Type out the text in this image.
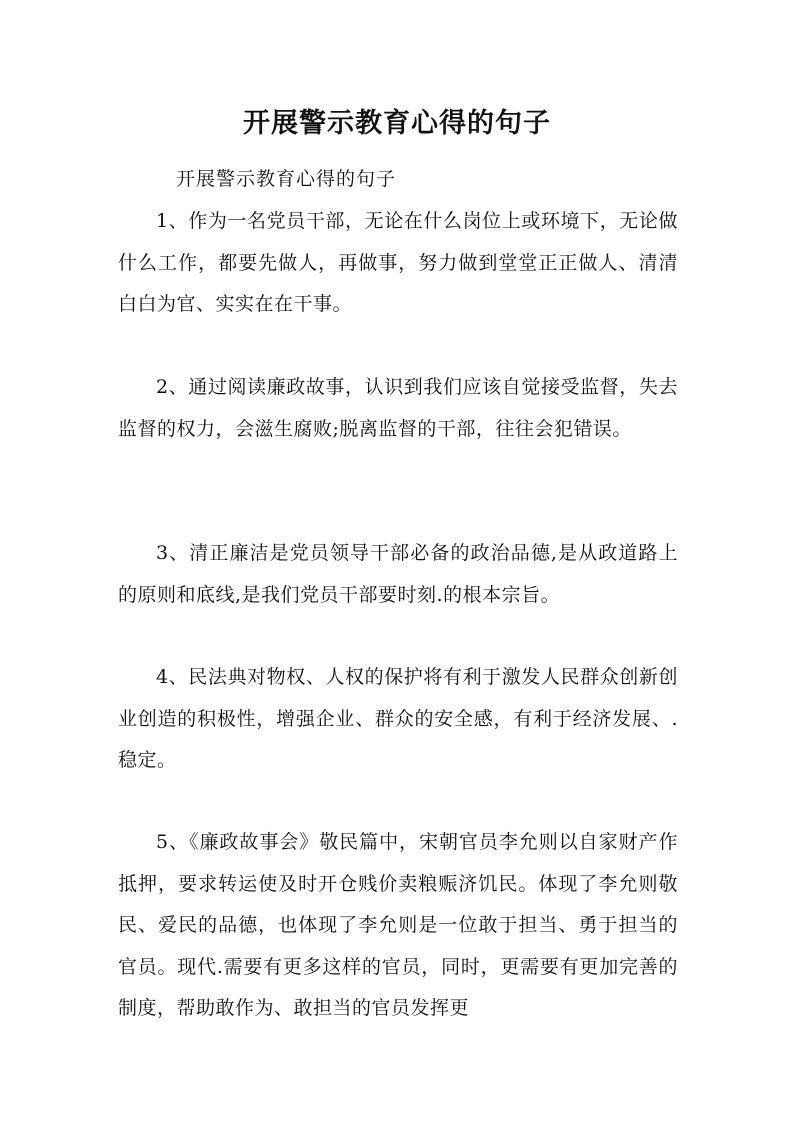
开展警示教育心得的句子
开展警示教育心得的句子

1、作为一名党员干部，无论在什么岗位上或环境下，无论做什么工作，都要先做人，再做事，努力做到堂堂正正做人、清清白白为官、实实在在干事。

2、通过阅读廉政故事，认识到我们应该自觉接受监督，失去监督的权力，会滋生腐败;脱离监督的干部，往往会犯错误。

3、清正廉洁是党员领导干部必备的政治品德,是从政道路上的原则和底线,是我们党员干部要时刻.的根本宗旨。

4、民法典对物权、人权的保护将有利于激发人民群众创新创业创造的积极性，增强企业、群众的安全感，有利于经济发展、.稳定。

5、《廉政故事会》敬民篇中，宋朝官员李允则以自家财产作抵押，要求转运使及时开仓贱价卖粮赈济饥民。体现了李允则敬民、爱民的品德，也体现了李允则是一位敢于担当、勇于担当的官员。现代.需要有更多这样的官员，同时，更需要有更加完善的制度，帮助敢作为、敢担当的官员发挥更
